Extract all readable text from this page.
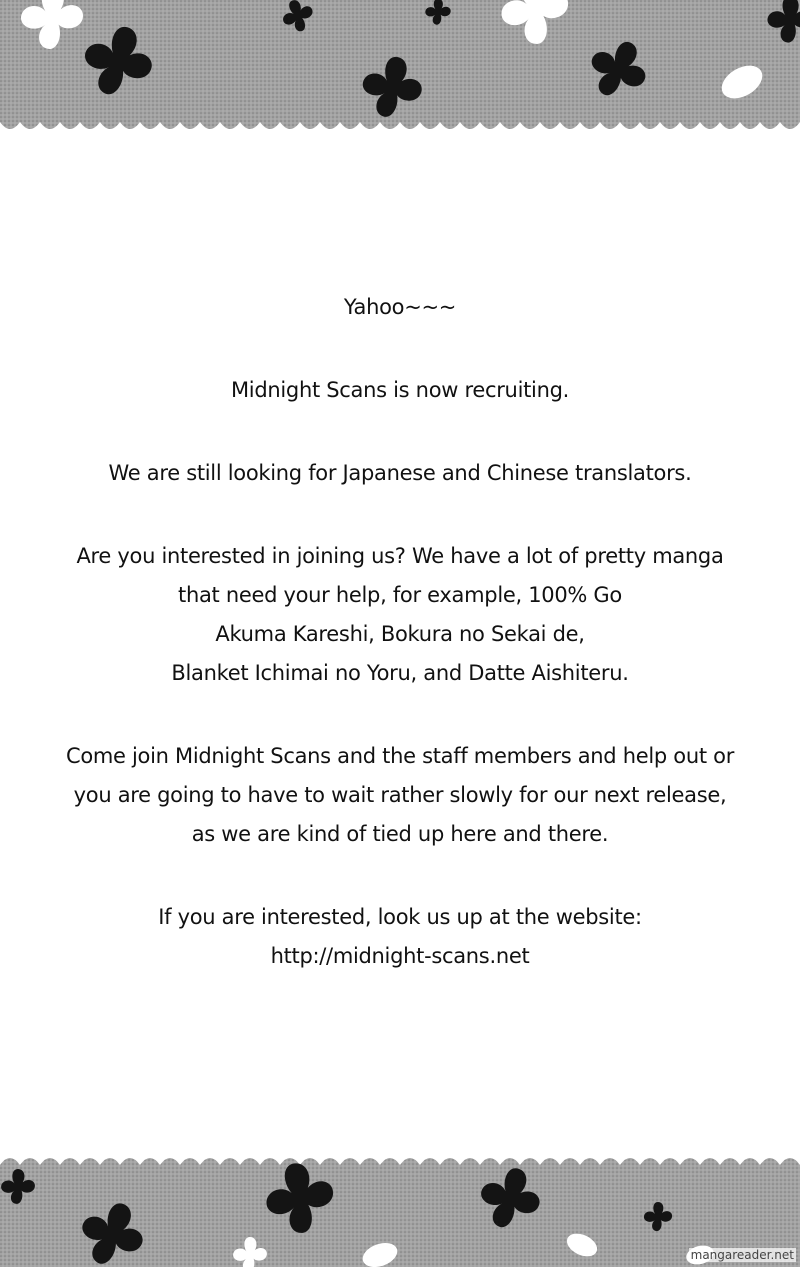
Yahoo~~~

Midnight Scans is now recruiting.

We are still looking for Japanese and Chinese translators.

Are you interested in joining us? We have a lot of pretty manga
that need your help, for example, 100% Go
Akuma Kareshi, Bokura no Sekai de,
Blanket Ichimai no Yoru, and Datte Aishiteru.

Come join Midnight Scans and the staff members and help out or
you are going to have to wait rather slowly for our next release,
as we are kind of tied up here and there.

If you are interested, look us up at the website:
http://midnight-scans.net

mangareader.net
